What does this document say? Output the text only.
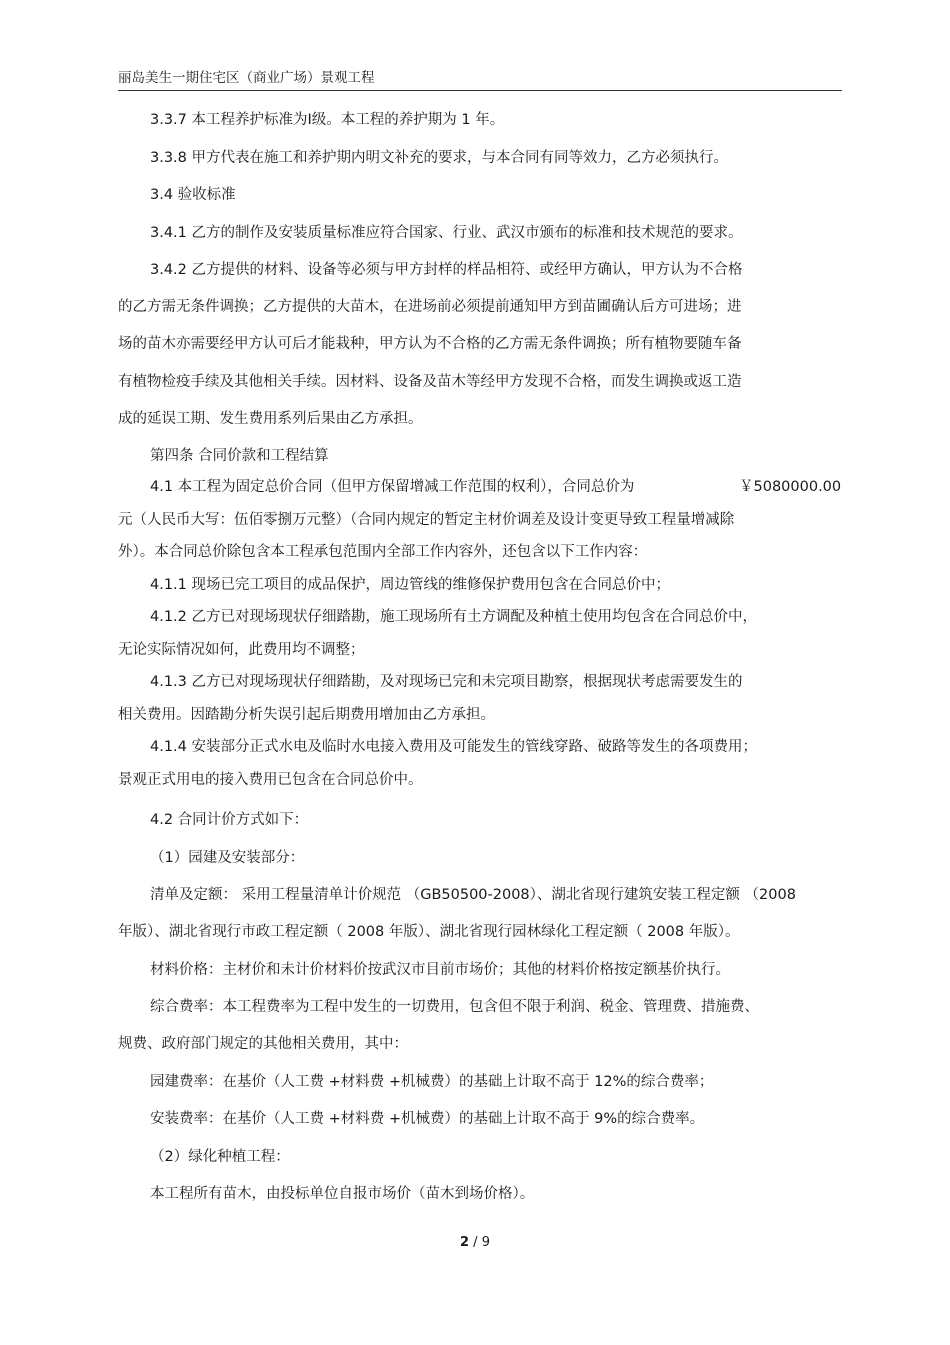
丽岛美生一期住宅区（商业广场）景观工程
3.3.7 本工程养护标准为Ⅰ级。本工程的养护期为 1 年。
3.3.8 甲方代表在施工和养护期内明文补充的要求，与本合同有同等效力，乙方必须执行。
3.4 验收标准
3.4.1 乙方的制作及安装质量标准应符合国家、行业、武汉市颁布的标准和技术规范的要求。
3.4.2 乙方提供的材料、设备等必须与甲方封样的样品相符、或经甲方确认，甲方认为不合格
的乙方需无条件调换；乙方提供的大苗木，在进场前必须提前通知甲方到苗圃确认后方可进场；进
场的苗木亦需要经甲方认可后才能栽种，甲方认为不合格的乙方需无条件调换；所有植物要随车备
有植物检疫手续及其他相关手续。因材料、设备及苗木等经甲方发现不合格，而发生调换或返工造
成的延误工期、发生费用系列后果由乙方承担。
第四条 合同价款和工程结算
4.1 本工程为固定总价合同（但甲方保留增减工作范围的权利），合同总价为	￥5080000.00
元（人民币大写：伍佰零捌万元整）（合同内规定的暂定主材价调差及设计变更导致工程量增减除
外）。本合同总价除包含本工程承包范围内全部工作内容外，还包含以下工作内容：
4.1.1 现场已完工项目的成品保护，周边管线的维修保护费用包含在合同总价中；
4.1.2 乙方已对现场现状仔细踏勘，施工现场所有土方调配及种植土使用均包含在合同总价中，
无论实际情况如何，此费用均不调整；
4.1.3 乙方已对现场现状仔细踏勘，及对现场已完和未完项目勘察，根据现状考虑需要发生的
相关费用。因踏勘分析失误引起后期费用增加由乙方承担。
4.1.4 安装部分正式水电及临时水电接入费用及可能发生的管线穿路、破路等发生的各项费用；
景观正式用电的接入费用已包含在合同总价中。
4.2 合同计价方式如下：
（1）园建及安装部分：
清单及定额： 采用工程量清单计价规范 （GB50500-2008）、湖北省现行建筑安装工程定额 （2008
年版）、湖北省现行市政工程定额（ 2008 年版）、湖北省现行园林绿化工程定额（ 2008 年版）。
材料价格：主材价和未计价材料价按武汉市目前市场价；其他的材料价格按定额基价执行。
综合费率：本工程费率为工程中发生的一切费用，包含但不限于利润、税金、管理费、措施费、
规费、政府部门规定的其他相关费用，其中：
园建费率：在基价（人工费 +材料费 +机械费）的基础上计取不高于 12%的综合费率；
安装费率：在基价（人工费 +材料费 +机械费）的基础上计取不高于 9%的综合费率。
（2）绿化种植工程：
本工程所有苗木，由投标单位自报市场价（苗木到场价格）。
2 / 9
